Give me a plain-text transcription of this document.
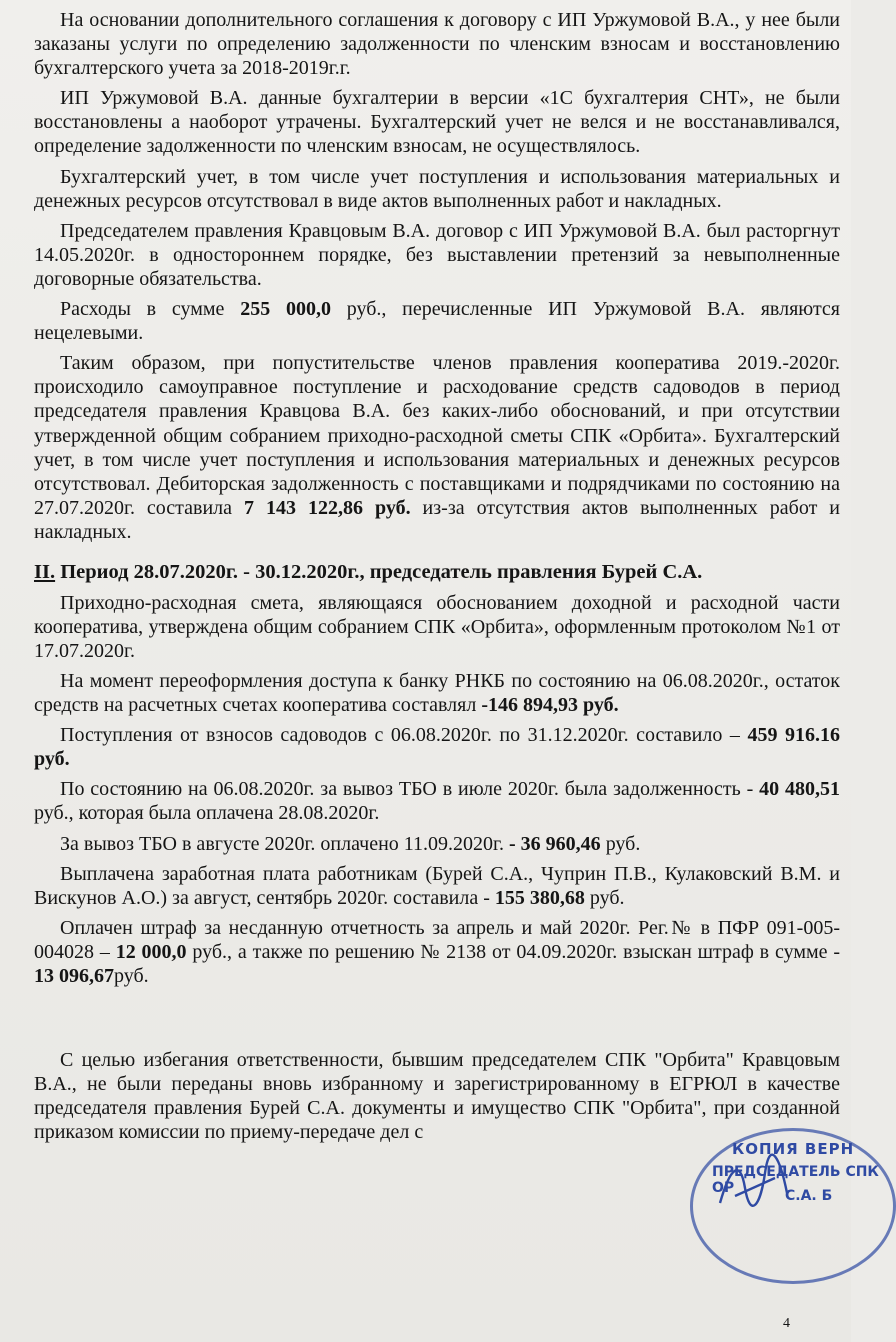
На основании дополнительного соглашения к договору с ИП Уржумовой В.А., у нее были заказаны услуги по определению задолженности по членским взносам и восстановлению бухгалтерского учета за 2018-2019г.г.

ИП Уржумовой В.А. данные бухгалтерии в версии «1С бухгалтерия СНТ», не были восстановлены а наоборот утрачены. Бухгалтерский учет не велся и не восстанавливался, определение задолженности по членским взносам, не осуществлялось.

Бухгалтерский учет, в том числе учет поступления и использования материальных и денежных ресурсов отсутствовал в виде актов выполненных работ и накладных.

Председателем правления Кравцовым В.А. договор с ИП Уржумовой В.А. был расторгнут 14.05.2020г. в одностороннем порядке, без выставлении претензий за невыполненные договорные обязательства.

Расходы в сумме 255 000,0 руб., перечисленные ИП Уржумовой В.А. являются нецелевыми.

Таким образом, при попустительстве членов правления кооператива 2019.-2020г. происходило самоуправное поступление и расходование средств садоводов в период председателя правления Кравцова В.А. без каких-либо обоснований, и при отсутствии утвержденной общим собранием приходно-расходной сметы СПК «Орбита». Бухгалтерский учет, в том числе учет поступления и использования материальных и денежных ресурсов отсутствовал. Дебиторская задолженность с поставщиками и подрядчиками по состоянию на 27.07.2020г. составила 7 143 122,86 руб. из-за отсутствия актов выполненных работ и накладных.

II. Период 28.07.2020г. - 30.12.2020г., председатель правления Бурей С.А.

Приходно-расходная смета, являющаяся обоснованием доходной и расходной части кооператива, утверждена общим собранием СПК «Орбита», оформленным протоколом №1 от 17.07.2020г.

На момент переоформления доступа к банку РНКБ по состоянию на 06.08.2020г., остаток средств на расчетных счетах кооператива составлял -146 894,93 руб.

Поступления от взносов садоводов с 06.08.2020г. по 31.12.2020г. составило – 459 916.16 руб.

По состоянию на 06.08.2020г. за вывоз ТБО в июле 2020г. была задолженность - 40 480,51 руб., которая была оплачена 28.08.2020г.

За вывоз ТБО в августе 2020г. оплачено 11.09.2020г. - 36 960,46 руб.

Выплачена заработная плата работникам (Бурей С.А., Чуприн П.В., Кулаковский В.М. и Вискунов А.О.) за август, сентябрь 2020г. составила - 155 380,68 руб.

Оплачен штраф за несданную отчетность за апрель и май 2020г. Рег.№ в ПФР 091-005-004028 – 12 000,0 руб., а также по решению № 2138 от 04.09.2020г. взыскан штраф в сумме - 13 096,67руб.

С целью избегания ответственности, бывшим председателем СПК "Орбита" Кравцовым В.А., не были переданы вновь избранному и зарегистрированному в ЕГРЮЛ в качестве председателя правления Бурей С.А. документы и имущество СПК "Орбита", при созданной приказом комиссии по приему-передаче дел с

КОПИЯ ВЕРН
ПРЕДСЕДАТЕЛЬ СПК ОР	С.А. Б
4
